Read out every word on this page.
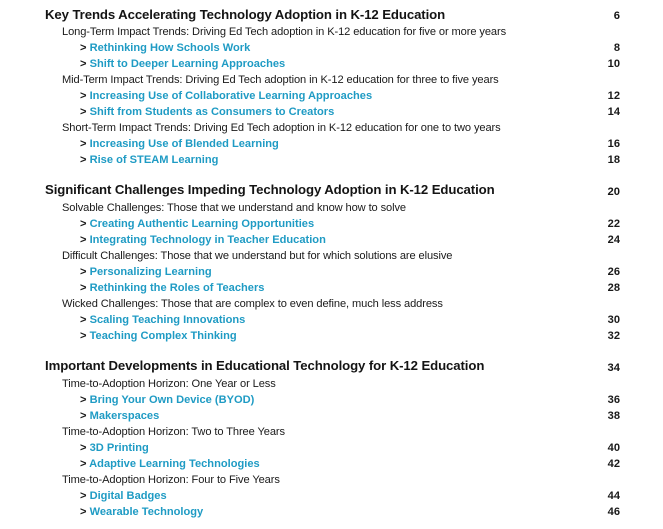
Key Trends Accelerating Technology Adoption in K-12 Education	6
Long-Term Impact Trends: Driving Ed Tech adoption in K-12 education for five or more years
> Rethinking How Schools Work	8
> Shift to Deeper Learning Approaches	10
Mid-Term Impact Trends: Driving Ed Tech adoption in K-12 education for three to five years
> Increasing Use of Collaborative Learning Approaches	12
> Shift from Students as Consumers to Creators	14
Short-Term Impact Trends: Driving Ed Tech adoption in K-12 education for one to two years
> Increasing Use of Blended Learning	16
> Rise of STEAM Learning	18
Significant Challenges Impeding Technology Adoption in K-12 Education	20
Solvable Challenges: Those that we understand and know how to solve
> Creating Authentic Learning Opportunities	22
> Integrating Technology in Teacher Education	24
Difficult Challenges: Those that we understand but for which solutions are elusive
> Personalizing Learning	26
> Rethinking the Roles of Teachers	28
Wicked Challenges: Those that are complex to even define, much less address
> Scaling Teaching Innovations	30
> Teaching Complex Thinking	32
Important Developments in Educational Technology for K-12 Education	34
Time-to-Adoption Horizon: One Year or Less
> Bring Your Own Device (BYOD)	36
> Makerspaces	38
Time-to-Adoption Horizon: Two to Three Years
> 3D Printing	40
> Adaptive Learning Technologies	42
Time-to-Adoption Horizon: Four to Five Years
> Digital Badges	44
> Wearable Technology	46
